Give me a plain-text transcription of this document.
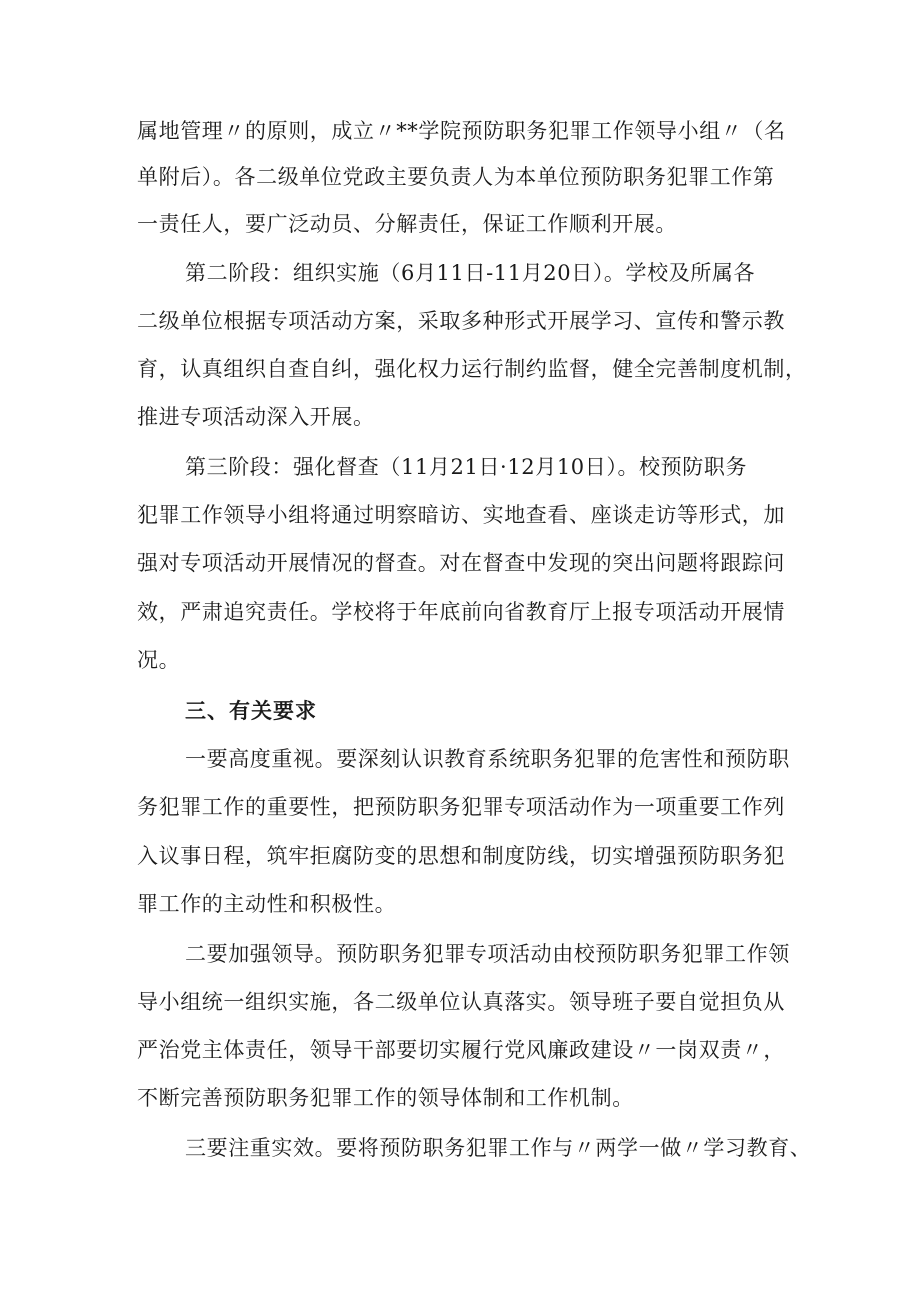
属地管理〃的原则，成立〃**学院预防职务犯罪工作领导小组〃（名
单附后）。各二级单位党政主要负责人为本单位预防职务犯罪工作第
一责任人，要广泛动员、分解责任，保证工作顺利开展。
第二阶段：组织实施（6月11日-11月20日）。学校及所属各
二级单位根据专项活动方案，采取多种形式开展学习、宣传和警示教
育，认真组织自查自纠，强化权力运行制约监督，健全完善制度机制，
推进专项活动深入开展。
第三阶段：强化督查（11月21日·12月10日）。校预防职务
犯罪工作领导小组将通过明察暗访、实地查看、座谈走访等形式，加
强对专项活动开展情况的督查。对在督查中发现的突出问题将跟踪问
效，严肃追究责任。学校将于年底前向省教育厅上报专项活动开展情
况。
三、有关要求
一要高度重视。要深刻认识教育系统职务犯罪的危害性和预防职
务犯罪工作的重要性，把预防职务犯罪专项活动作为一项重要工作列
入议事日程，筑牢拒腐防变的思想和制度防线，切实增强预防职务犯
罪工作的主动性和积极性。
二要加强领导。预防职务犯罪专项活动由校预防职务犯罪工作领
导小组统一组织实施，各二级单位认真落实。领导班子要自觉担负从
严治党主体责任，领导干部要切实履行党风廉政建设〃一岗双责〃，
不断完善预防职务犯罪工作的领导体制和工作机制。
三要注重实效。要将预防职务犯罪工作与〃两学一做〃学习教育、
